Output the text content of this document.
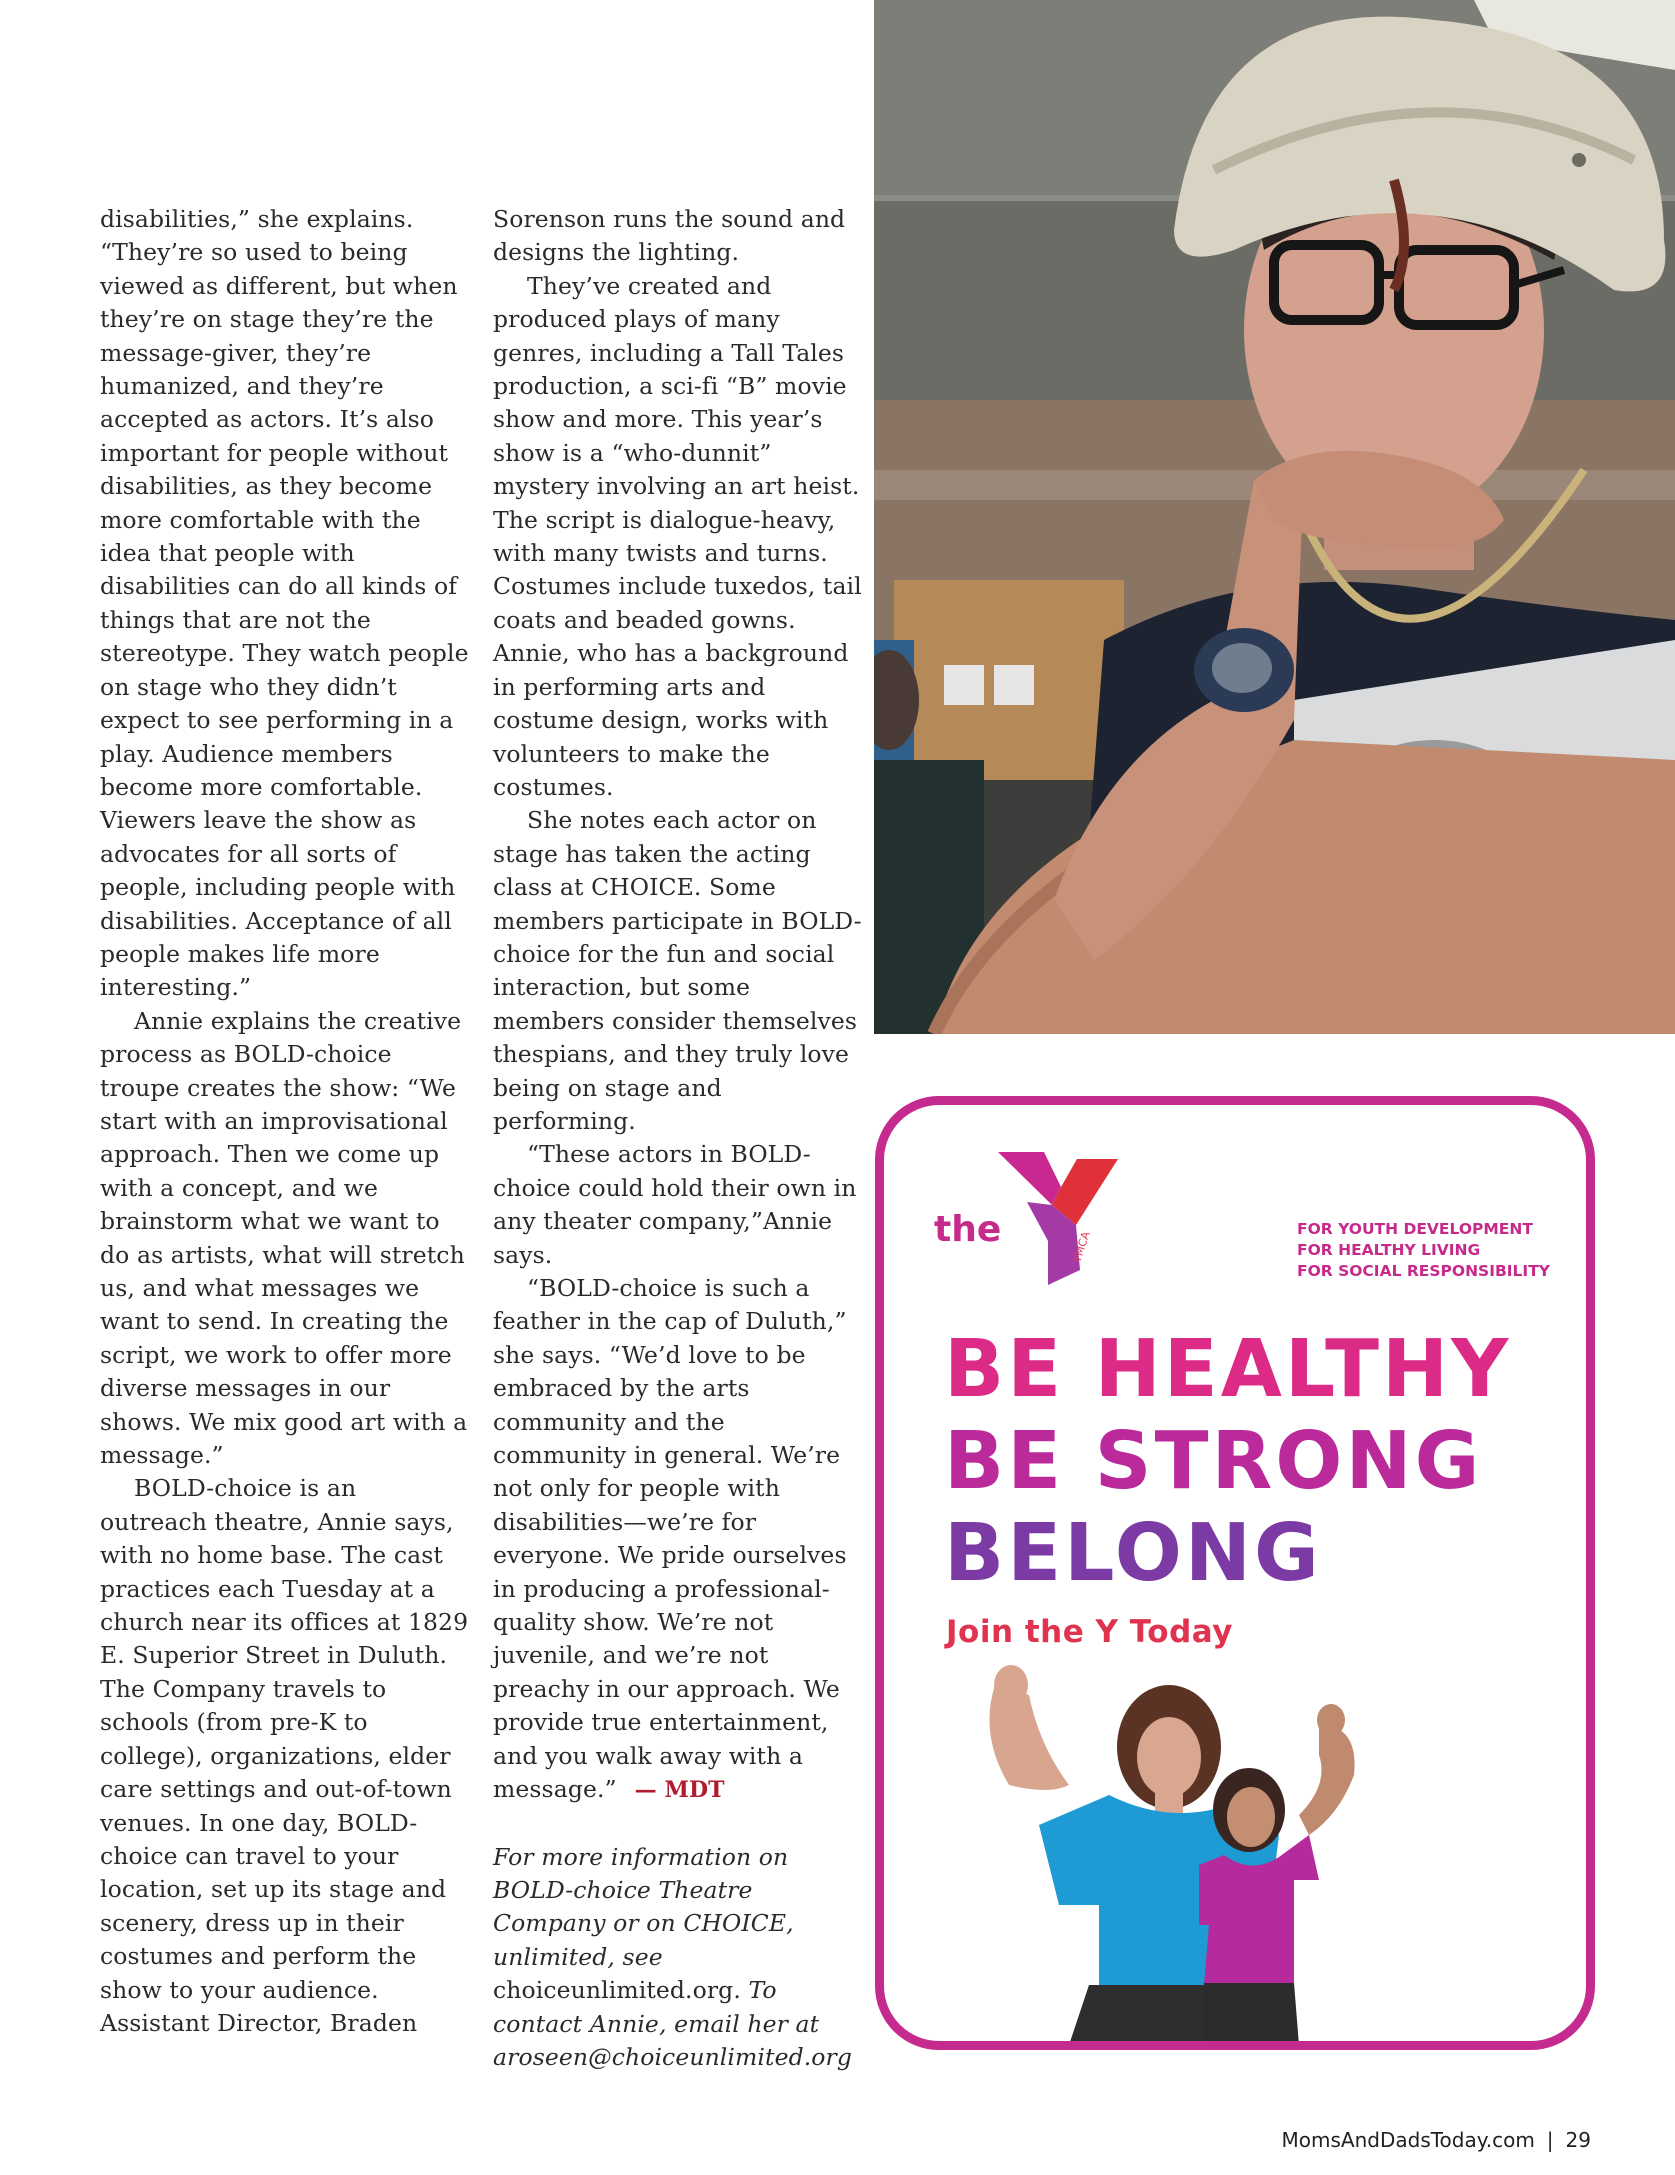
disabilities,” she explains. “They’re so used to being viewed as different, but when they’re on stage they’re the message-giver, they’re humanized, and they’re accepted as actors. It’s also important for people without disabilities, as they become more comfortable with the idea that people with disabilities can do all kinds of things that are not the stereotype. They watch people on stage who they didn’t expect to see performing in a play. Audience members become more comfortable. Viewers leave the show as advocates for all sorts of people, including people with disabilities. Acceptance of all people makes life more interesting.”

Annie explains the creative process as BOLD-choice troupe creates the show: “We start with an improvisational approach. Then we come up with a concept, and we brainstorm what we want to do as artists, what will stretch us, and what messages we want to send. In creating the script, we work to offer more diverse messages in our shows. We mix good art with a message.”

BOLD-choice is an outreach theatre, Annie says, with no home base. The cast practices each Tuesday at a church near its offices at 1829 E. Superior Street in Duluth. The Company travels to schools (from pre-K to college), organizations, elder care settings and out-of-town venues. In one day, BOLD-choice can travel to your location, set up its stage and scenery, dress up in their costumes and perform the show to your audience. Assistant Director, Braden

Sorenson runs the sound and designs the lighting.

They’ve created and produced plays of many genres, including a Tall Tales production, a sci-fi “B” movie show and more. This year’s show is a “who-dunnit” mystery involving an art heist. The script is dialogue-heavy, with many twists and turns. Costumes include tuxedos, tail coats and beaded gowns. Annie, who has a background in performing arts and costume design, works with volunteers to make the costumes.

She notes each actor on stage has taken the acting class at CHOICE. Some members participate in BOLD-choice for the fun and social interaction, but some members consider themselves thespians, and they truly love being on stage and performing.

“These actors in BOLD-choice could hold their own in any theater company,”Annie says.

“BOLD-choice is such a feather in the cap of Duluth,” she says. “We’d love to be embraced by the arts community and the community in general. We’re not only for people with disabilities—we’re for everyone. We pride ourselves in producing a professional-quality show. We’re not juvenile, and we’re not preachy in our approach. We provide true entertainment, and you walk away with a message.” — MDT

For more information on BOLD-choice Theatre Company or on CHOICE, unlimited, see choiceunlimited.org. To contact Annie, email her at aroseen@choiceunlimited.org

the	YMCA
FOR YOUTH DEVELOPMENT
FOR HEALTHY LIVING
FOR SOCIAL RESPONSIBILITY
BE HEALTHY
BE STRONG
BELONG
Join the Y Today
MomsAndDadsToday.com | 29
